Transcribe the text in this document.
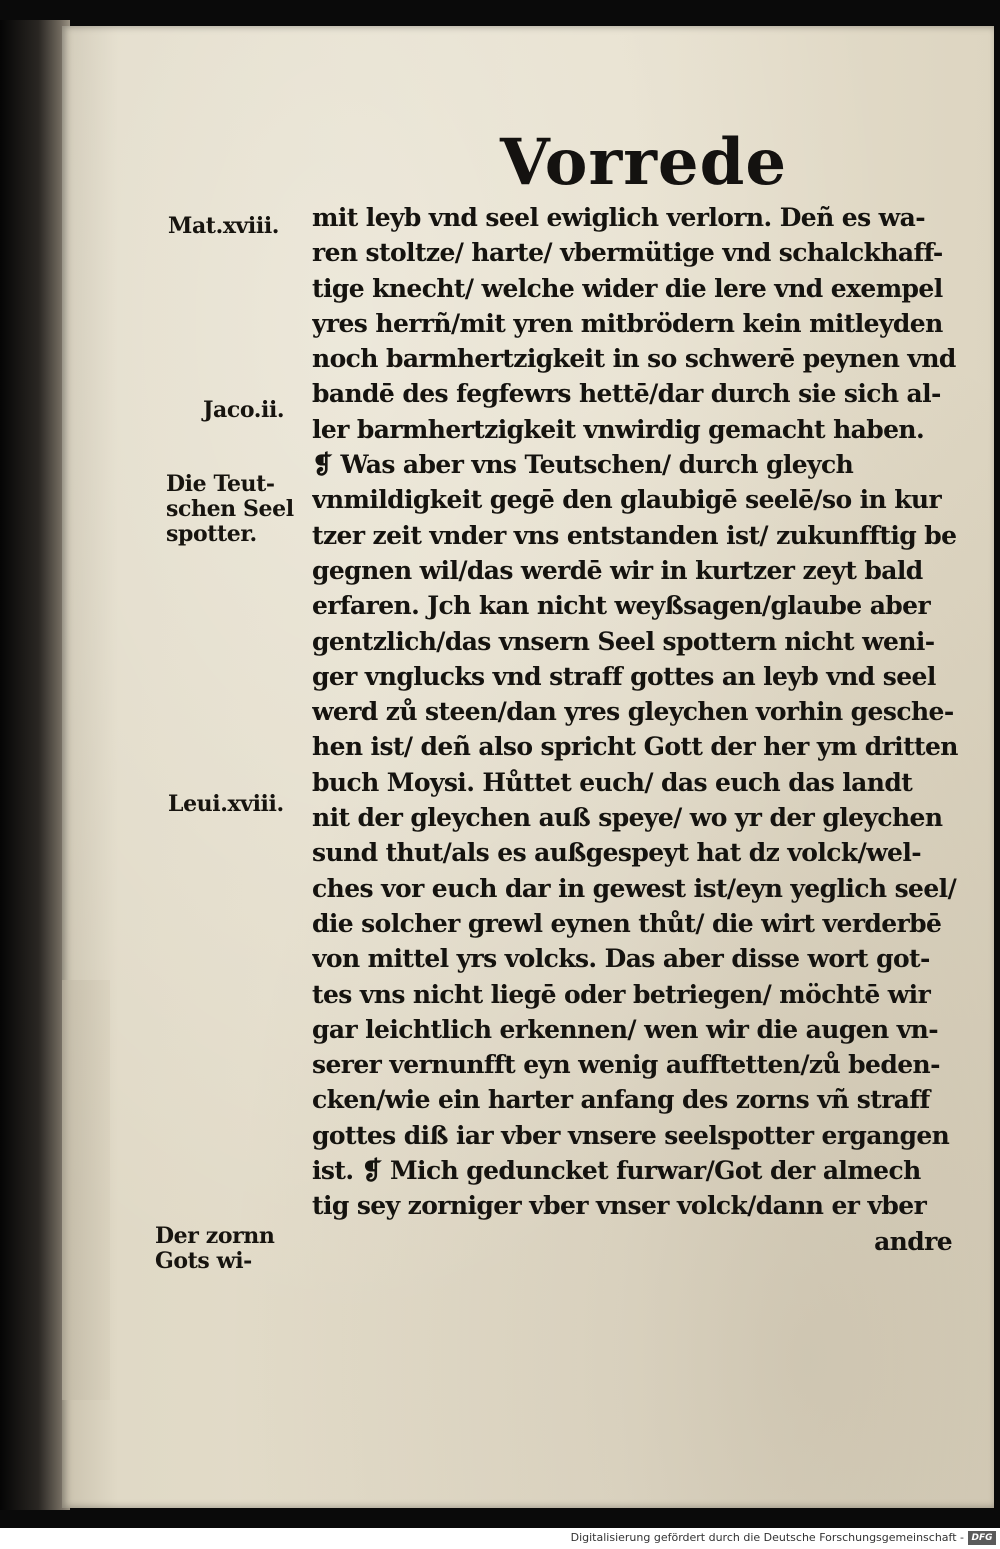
Vorrede
mit leyb vnd seel ewiglich verlorn. Deñ es wa-
ren stoltze/ harte/ vbermütige vnd schalckhaff-
tige knecht/ welche wider die lere vnd exempel
yres herrñ/mit yren mitbrödern kein mitleyden
noch barmhertzigkeit in so schwerē peynen vnd
bandē des fegfewrs hettē/dar durch sie sich al-
ler barmhertzigkeit vnwirdig gemacht haben.
❡ Was aber vns Teutschen/ durch gleych
vnmildigkeit gegē den glaubigē seelē/so in kur
tzer zeit vnder vns entstanden ist/ zukunfftig be
gegnen wil/das werdē wir in kurtzer zeyt bald
erfaren. Jch kan nicht weyßsagen/glaube aber
gentzlich/das vnsern Seel spottern nicht weni-
ger vnglucks vnd straff gottes an leyb vnd seel
werd zů steen/dan yres gleychen vorhin gesche-
hen ist/ deñ also spricht Gott der her ym dritten
buch Moysi. Hůttet euch/ das euch das landt
nit der gleychen auß speye/ wo yr der gleychen
sund thut/als es außgespeyt hat dz volck/wel-
ches vor euch dar in gewest ist/eyn yeglich seel/
die solcher grewl eynen thůt/ die wirt verderbē
von mittel yrs volcks. Das aber disse wort got-
tes vns nicht liegē oder betriegen/ möchtē wir
gar leichtlich erkennen/ wen wir die augen vn-
serer vernunfft eyn wenig aufftetten/zů beden-
cken/wie ein harter anfang des zorns vñ straff
gottes diß iar vber vnsere seelspotter ergangen
ist. ❡ Mich geduncket furwar/Got der almech
tig sey zorniger vber vnser volck/dann er vber
andre
Mat.xviii.
Jaco.ii.
Die Teut-
schen Seel
spotter.
Leui.xviii.
Der zornn
Gots wi-
Digitalisierung gefördert durch die Deutsche Forschungsgemeinschaft - DFG
